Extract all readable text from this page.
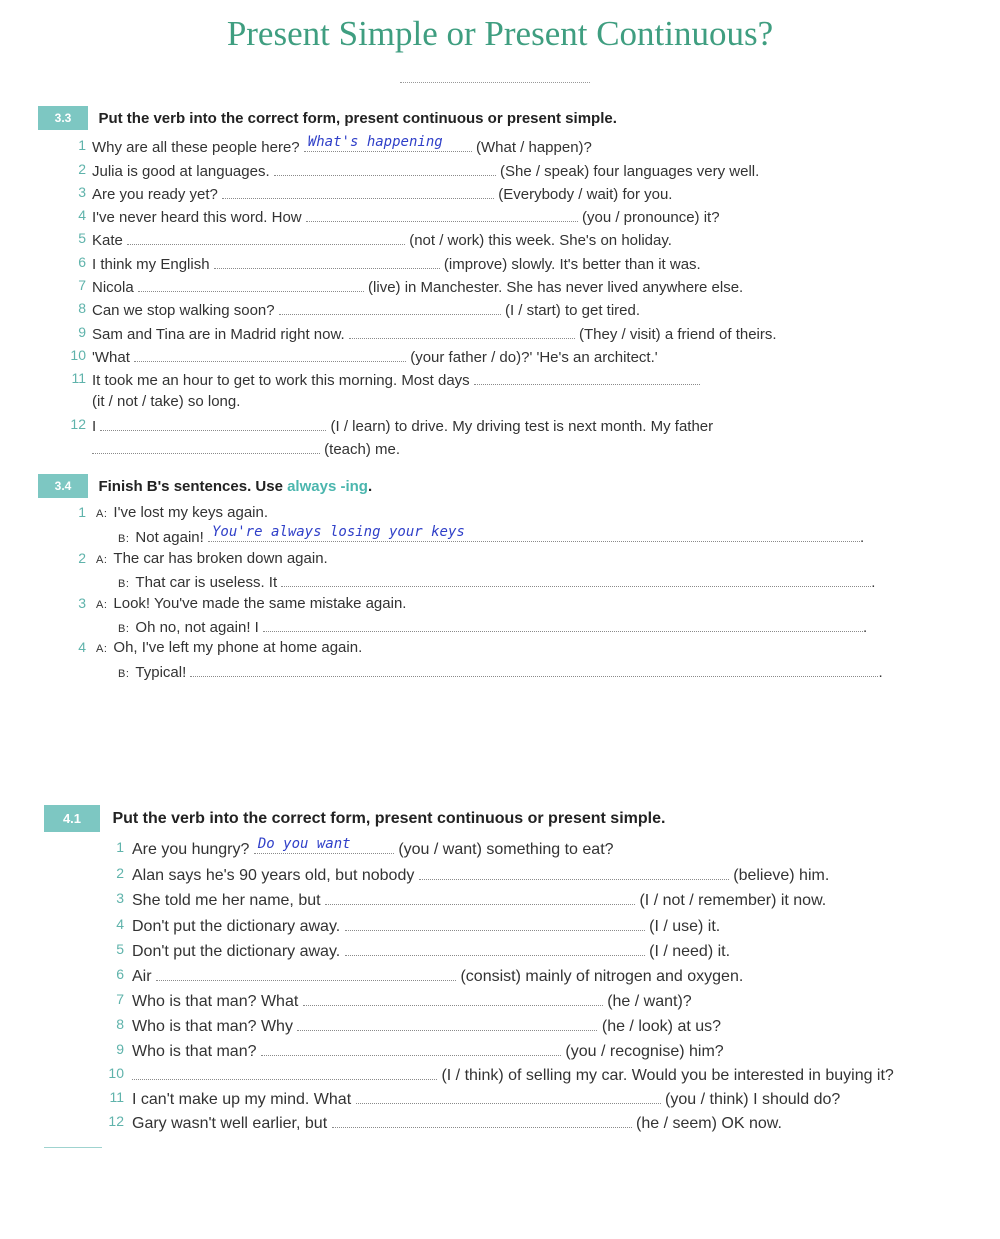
Present Simple or Present Continuous?
3.3 Put the verb into the correct form, present continuous or present simple.
1 Why are all these people here? What's happening (What / happen)?
2 Julia is good at languages.	(She / speak) four languages very well.
3 Are you ready yet?	(Everybody / wait) for you.
4 I've never heard this word. How	(you / pronounce) it?
5 Kate	(not / work) this week. She's on holiday.
6 I think my English	(improve) slowly. It's better than it was.
7 Nicola	(live) in Manchester. She has never lived anywhere else.
8 Can we stop walking soon?	(I / start) to get tired.
9 Sam and Tina are in Madrid right now.	(They / visit) a friend of theirs.
10 'What	(your father / do)?' 'He's an architect.'
11 It took me an hour to get to work this morning. Most days
(it / not / take) so long.
12 I	(I / learn) to drive. My driving test is next month. My father
(teach) me.
3.4 Finish B's sentences. Use always -ing.
1 A: I've lost my keys again.
B: Not again! You're always losing your keys	.
2 A: The car has broken down again.
B: That car is useless. It	.
3 A: Look! You've made the same mistake again.
B: Oh no, not again! I	.
4 A: Oh, I've left my phone at home again.
B: Typical!	.
4.1 Put the verb into the correct form, present continuous or present simple.
1 Are you hungry? Do you want	(you / want) something to eat?
2 Alan says he's 90 years old, but nobody	(believe) him.
3 She told me her name, but	(I / not / remember) it now.
4 Don't put the dictionary away.	(I / use) it.
5 Don't put the dictionary away.	(I / need) it.
6 Air	(consist) mainly of nitrogen and oxygen.
7 Who is that man? What	(he / want)?
8 Who is that man? Why	(he / look) at us?
9 Who is that man?	(you / recognise) him?
10	(I / think) of selling my car. Would you be interested in buying it?
11 I can't make up my mind. What	(you / think) I should do?
12 Gary wasn't well earlier, but	(he / seem) OK now.
